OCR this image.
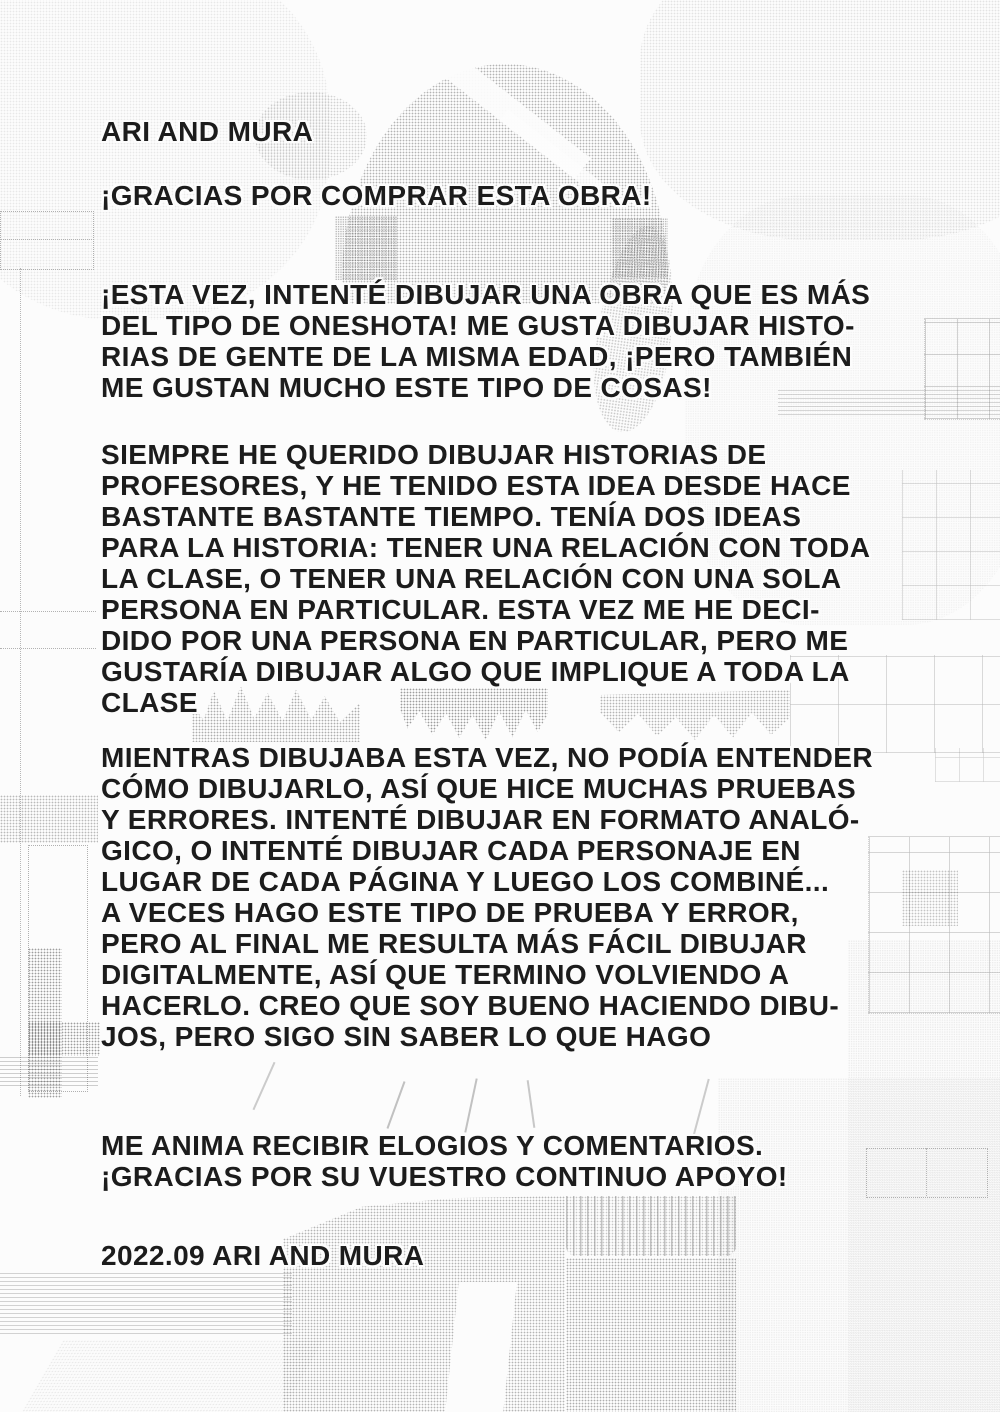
ARI AND MURA
¡GRACIAS POR COMPRAR ESTA OBRA!
¡ESTA VEZ, INTENTÉ DIBUJAR UNA OBRA QUE ES MÁS
DEL TIPO DE ONESHOTA! ME GUSTA DIBUJAR HISTO-
RIAS DE GENTE DE LA MISMA EDAD, ¡PERO TAMBIÉN
ME GUSTAN MUCHO ESTE TIPO DE COSAS!
SIEMPRE HE QUERIDO DIBUJAR HISTORIAS DE
PROFESORES, Y HE TENIDO ESTA IDEA DESDE HACE
BASTANTE BASTANTE TIEMPO. TENÍA DOS IDEAS
PARA LA HISTORIA: TENER UNA RELACIÓN CON TODA
LA CLASE, O TENER UNA RELACIÓN CON UNA SOLA
PERSONA EN PARTICULAR. ESTA VEZ ME HE DECI-
DIDO POR UNA PERSONA EN PARTICULAR, PERO ME
GUSTARÍA DIBUJAR ALGO QUE IMPLIQUE A TODA LA
CLASE
MIENTRAS DIBUJABA ESTA VEZ, NO PODÍA ENTENDER
CÓMO DIBUJARLO, ASÍ QUE HICE MUCHAS PRUEBAS
Y ERRORES. INTENTÉ DIBUJAR EN FORMATO ANALÓ-
GICO, O INTENTÉ DIBUJAR CADA PERSONAJE EN
LUGAR DE CADA PÁGINA Y LUEGO LOS COMBINÉ...
A VECES HAGO ESTE TIPO DE PRUEBA Y ERROR,
PERO AL FINAL ME RESULTA MÁS FÁCIL DIBUJAR
DIGITALMENTE, ASÍ QUE TERMINO VOLVIENDO A
HACERLO. CREO QUE SOY BUENO HACIENDO DIBU-
JOS, PERO SIGO SIN SABER LO QUE HAGO
ME ANIMA RECIBIR ELOGIOS Y COMENTARIOS.
¡GRACIAS POR SU VUESTRO CONTINUO APOYO!
2022.09 ARI AND MURA
